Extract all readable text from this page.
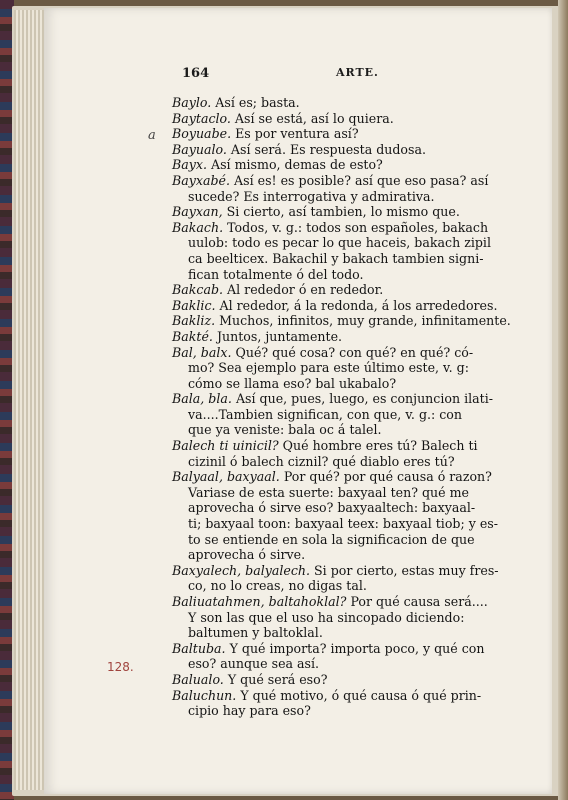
164	ARTE.
a
128.

Baylo. Así es; basta.

Baytaclo. Así se está, así lo quiera.

Boyuabe. Es por ventura así?

Bayualo. Así será. Es respuesta dudosa.

Bayx. Así mismo, demas de esto?

Bayxabé. Así es! es posible? así que eso pasa? así
sucede? Es interrogativa y admirativa.

Bayxan, Si cierto, así tambien, lo mismo que.

Bakach. Todos, v. g.: todos son españoles, bakach
uulob: todo es pecar lo que haceis, bakach zipil
ca beelticex. Bakachil y bakach tambien signi-
fican totalmente ó del todo.

Bakcab. Al rededor ó en rededor.

Baklic. Al rededor, á la redonda, á los arrededores.

Bakliz. Muchos, infinitos, muy grande, infinitamente.

Bakté. Juntos, juntamente.

Bal, balx. Qué? qué cosa? con qué? en qué? có-
mo? Sea ejemplo para este último este, v. g:
cómo se llama eso? bal ukabalo?

Bala, bla. Así que, pues, luego, es conjuncion ilati-
va....Tambien significan, con que, v. g.: con
que ya veniste: bala oc á talel.

Balech ti uinicil? Qué hombre eres tú? Balech ti
cizinil ó balech ciznil? qué diablo eres tú?

Balyaal, baxyaal. Por qué? por qué causa ó razon?
Variase de esta suerte: baxyaal ten? qué me
aprovecha ó sirve eso? baxyaaltech: baxyaal-
ti; baxyaal toon: baxyaal teex: baxyaal tiob; y es-
to se entiende en sola la significacion de que
aprovecha ó sirve.

Baxyalech, balyalech. Si por cierto, estas muy fres-
co, no lo creas, no digas tal.

Baliuatahmen, baltahoklal? Por qué causa será....
Y son las que el uso ha sincopado diciendo:
baltumen y baltoklal.

Baltuba. Y qué importa? importa poco, y qué con
eso? aunque sea así.

Balualo. Y qué será eso?

Baluchun. Y qué motivo, ó qué causa ó qué prin-
cipio hay para eso?
